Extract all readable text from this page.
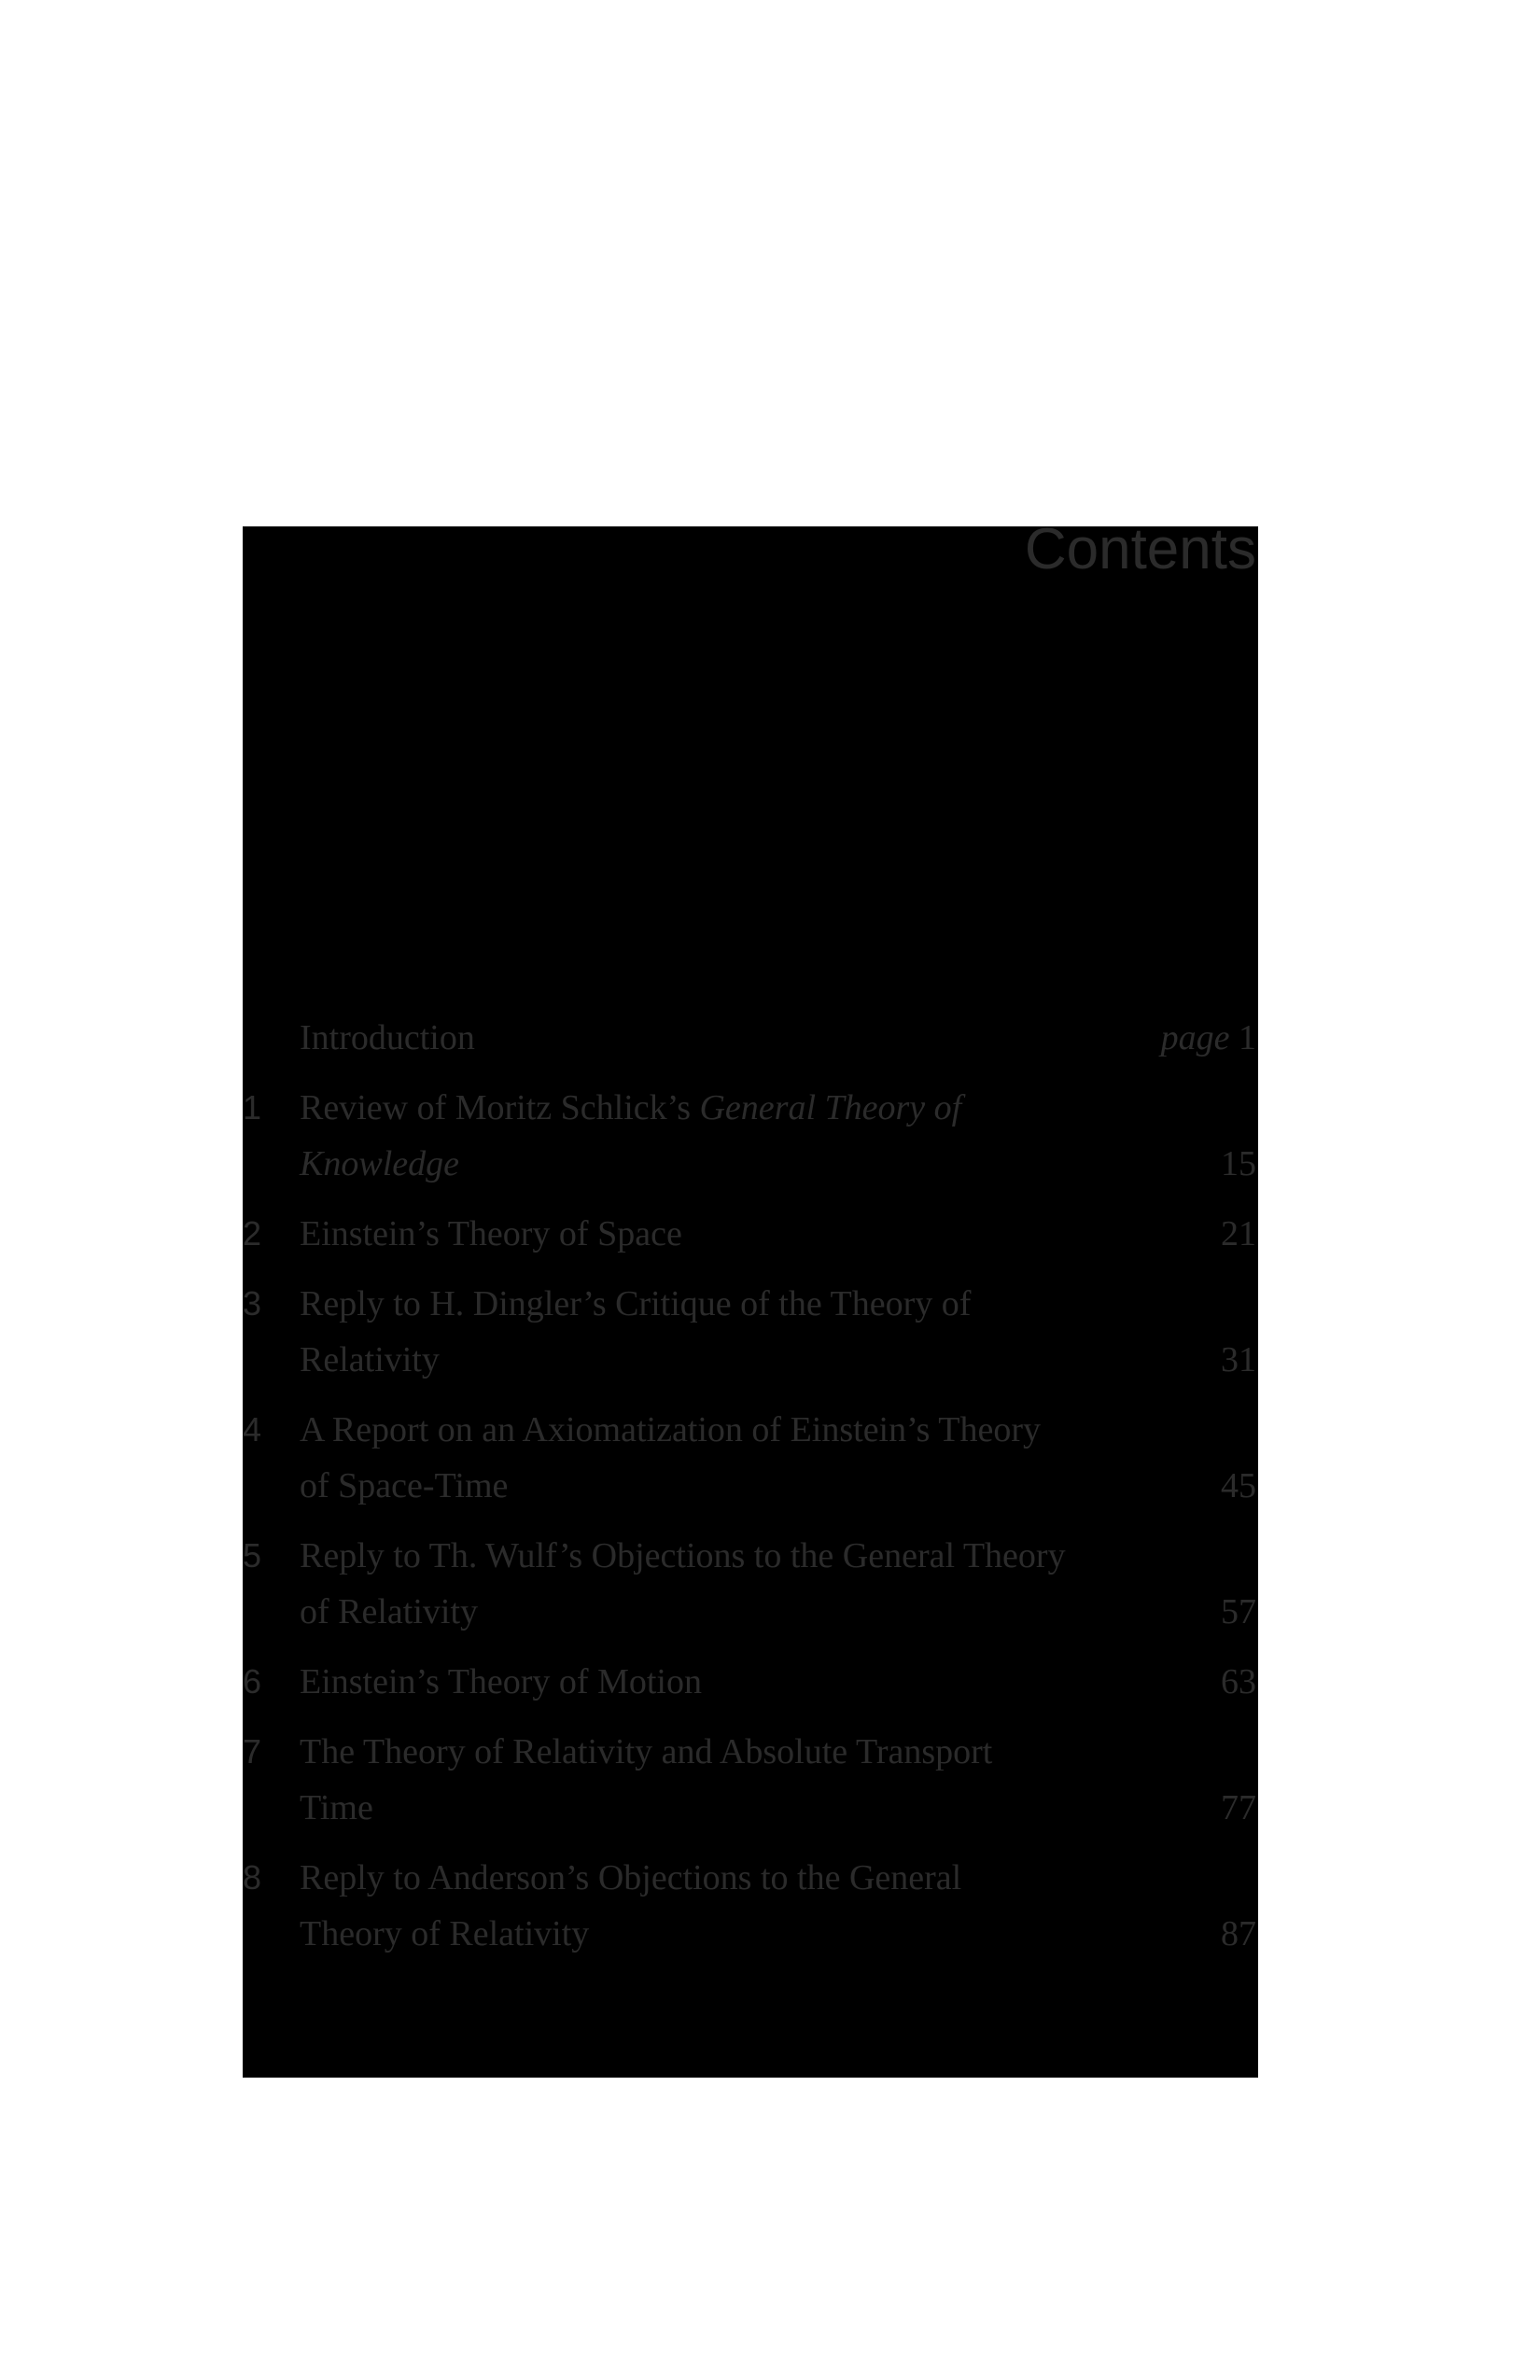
Contents
Introduction	page 1
1 Review of Moritz Schlick’s General Theory of
Knowledge	15
2 Einstein’s Theory of Space	21
3 Reply to H. Dingler’s Critique of the Theory of
Relativity	31
4 A Report on an Axiomatization of Einstein’s Theory
of Space-Time	45
5 Reply to Th. Wulf’s Objections to the General Theory
of Relativity	57
6 Einstein’s Theory of Motion	63
7 The Theory of Relativity and Absolute Transport
Time	77
8 Reply to Anderson’s Objections to the General
Theory of Relativity	87
